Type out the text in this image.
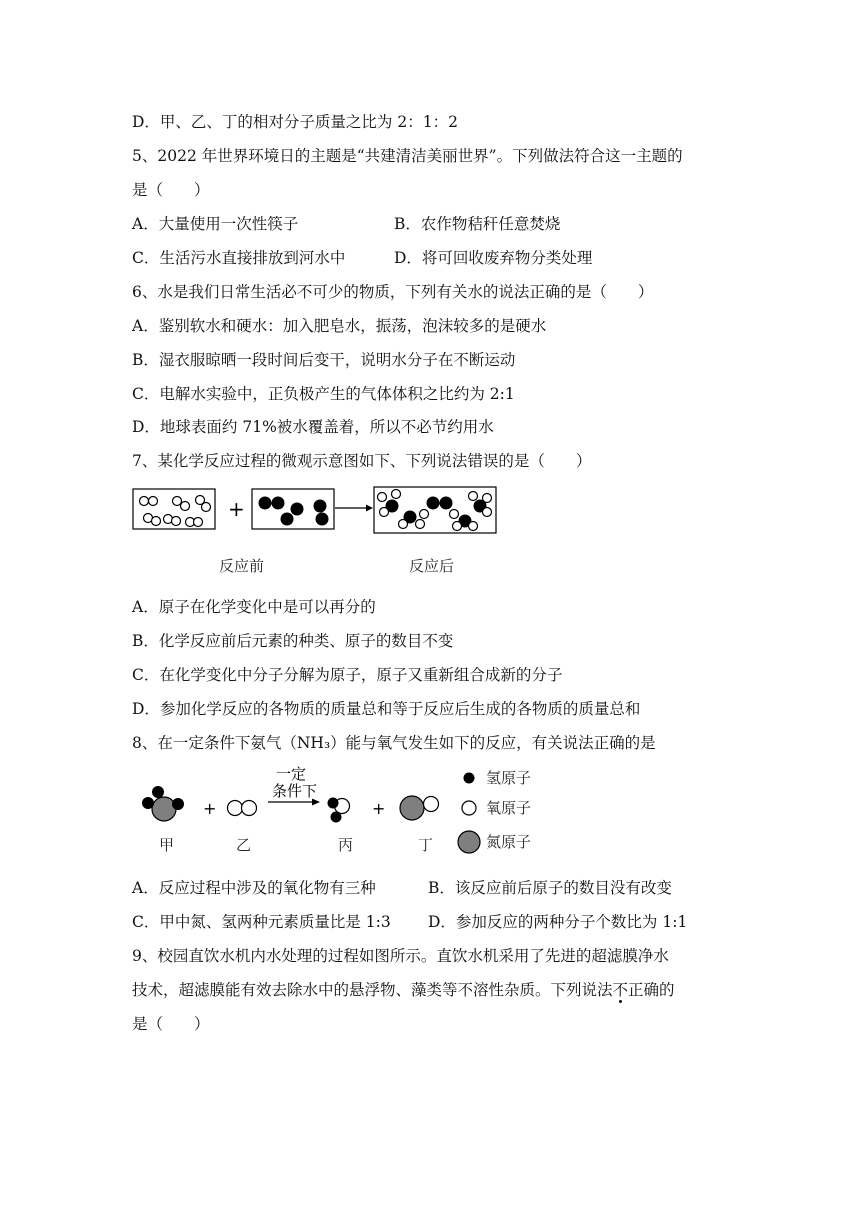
D．甲、乙、丁的相对分子质量之比为 2：1：2
5、2022 年世界环境日的主题是“共建清洁美丽世界”。下列做法符合这一主题的
是（　　）
A．大量使用一次性筷子	B．农作物秸秆任意焚烧
C．生活污水直接排放到河水中	D．将可回收废弃物分类处理
6、水是我们日常生活必不可少的物质，下列有关水的说法正确的是（　　）
A．鉴别软水和硬水：加入肥皂水，振荡，泡沫较多的是硬水
B．湿衣服晾晒一段时间后变干，说明水分子在不断运动
C．电解水实验中，正负极产生的气体体积之比约为 2:1
D．地球表面约 71%被水覆盖着，所以不必节约用水
7、某化学反应过程的微观示意图如下、下列说法错误的是（　　）
+
反应前	反应后
A．原子在化学变化中是可以再分的
B．化学反应前后元素的种类、原子的数目不变
C．在化学变化中分子分解为原子，原子又重新组合成新的分子
D．参加化学反应的各物质的质量总和等于反应后生成的各物质的质量总和
8、在一定条件下氨气（NH₃）能与氧气发生如下的反应，有关说法正确的是
+
一定
条件下
+
甲	乙	丙	丁
氢原子
氧原子
氮原子
A．反应过程中涉及的氧化物有三种	B．该反应前后原子的数目没有改变
C．甲中氮、氢两种元素质量比是 1:3 D．参加反应的两种分子个数比为 1:1
9、校园直饮水机内水处理的过程如图所示。直饮水机采用了先进的超滤膜净水
技术，超滤膜能有效去除水中的悬浮物、藻类等不溶性杂质。下列说法不正确的
是（　　）
